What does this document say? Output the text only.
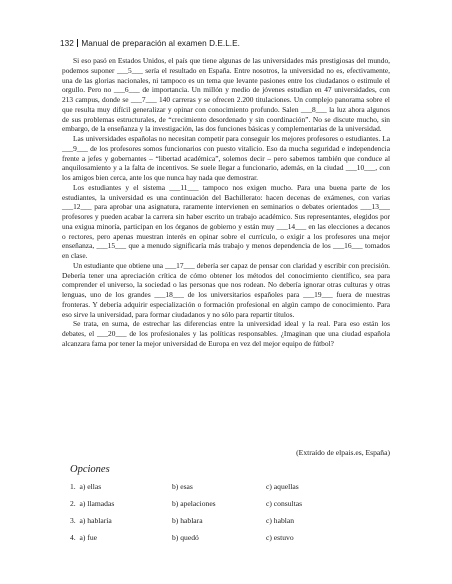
132 Manual de preparación al examen D.E.L.E.

Si eso pasó en Estados Unidos, el país que tiene algunas de las universidades más prestigiosas del mundo, podemos suponer ___5___ sería el resultado en España. Entre nosotros, la universidad no es, efectivamente, una de las glorias nacionales, ni tampoco es un tema que levante pasiones entre los ciudadanos o estimule el orgullo. Pero no ___6___ de importancia. Un millón y medio de jóvenes estudian en 47 universidades, con 213 campus, donde se ___7___ 140 carreras y se ofrecen 2.200 titulaciones. Un complejo panorama sobre el que resulta muy difícil generalizar y opinar con conocimiento profundo. Salen ___8___ la luz ahora algunos de sus problemas estructurales, de “crecimiento desordenado y sin coordinación”. No se discute mucho, sin embargo, de la enseñanza y la investigación, las dos funciones básicas y complementarias de la universidad.

Las universidades españolas no necesitan competir para conseguir los mejores profesores o estudiantes. La ___9___ de los profesores somos funcionarios con puesto vitalicio. Eso da mucha seguridad e independencia frente a jefes y gobernantes – “libertad académica”, solemos decir – pero sabemos también que conduce al anquilosamiento y a la falta de incentivos. Se suele llegar a funcionario, además, en la ciudad ___10___, con los amigos bien cerca, ante los que nunca hay nada que demostrar.

Los estudiantes y el sistema ___11___ tampoco nos exigen mucho. Para una buena parte de los estudiantes, la universidad es una continuación del Bachillerato: hacen decenas de exámenes, con varias ___12___ para aprobar una asignatura, raramente intervienen en seminarios o debates orientados ___13___ profesores y pueden acabar la carrera sin haber escrito un trabajo académico. Sus representantes, elegidos por una exigua minoría, participan en los órganos de gobierno y están muy ___14___ en las elecciones a decanos o rectores, pero apenas muestran interés en opinar sobre el currículo, o exigir a los profesores una mejor enseñanza, ___15___ que a menudo significaría más trabajo y menos dependencia de los ___16___ tomados en clase.

Un estudiante que obtiene una ___17___ debería ser capaz de pensar con claridad y escribir con precisión. Debería tener una apreciación crítica de cómo obtener los métodos del conocimiento científico, sea para comprender el universo, la sociedad o las personas que nos rodean. No debería ignorar otras culturas y otras lenguas, uno de los grandes ___18___ de los universitarios españoles para ___19___ fuera de nuestras fronteras. Y debería adquirir especialización o formación profesional en algún campo de conocimiento. Para eso sirve la universidad, para formar ciudadanos y no sólo para repartir títulos.

Se trata, en suma, de estrechar las diferencias entre la universidad ideal y la real. Para eso están los debates, el ___20___ de los profesionales y las políticas responsables. ¿Imaginan que una ciudad española alcanzara fama por tener la mejor universidad de Europa en vez del mejor equipo de fútbol?

(Extraído de elpais.es, España)
Opciones
1. a) ellas	b) esas	c) aquellas
2. a) llamadas	b) apelaciones	c) consultas
3. a) hablaría	b) hablara	c) hablan
4. a) fue	b) quedó	c) estuvo
